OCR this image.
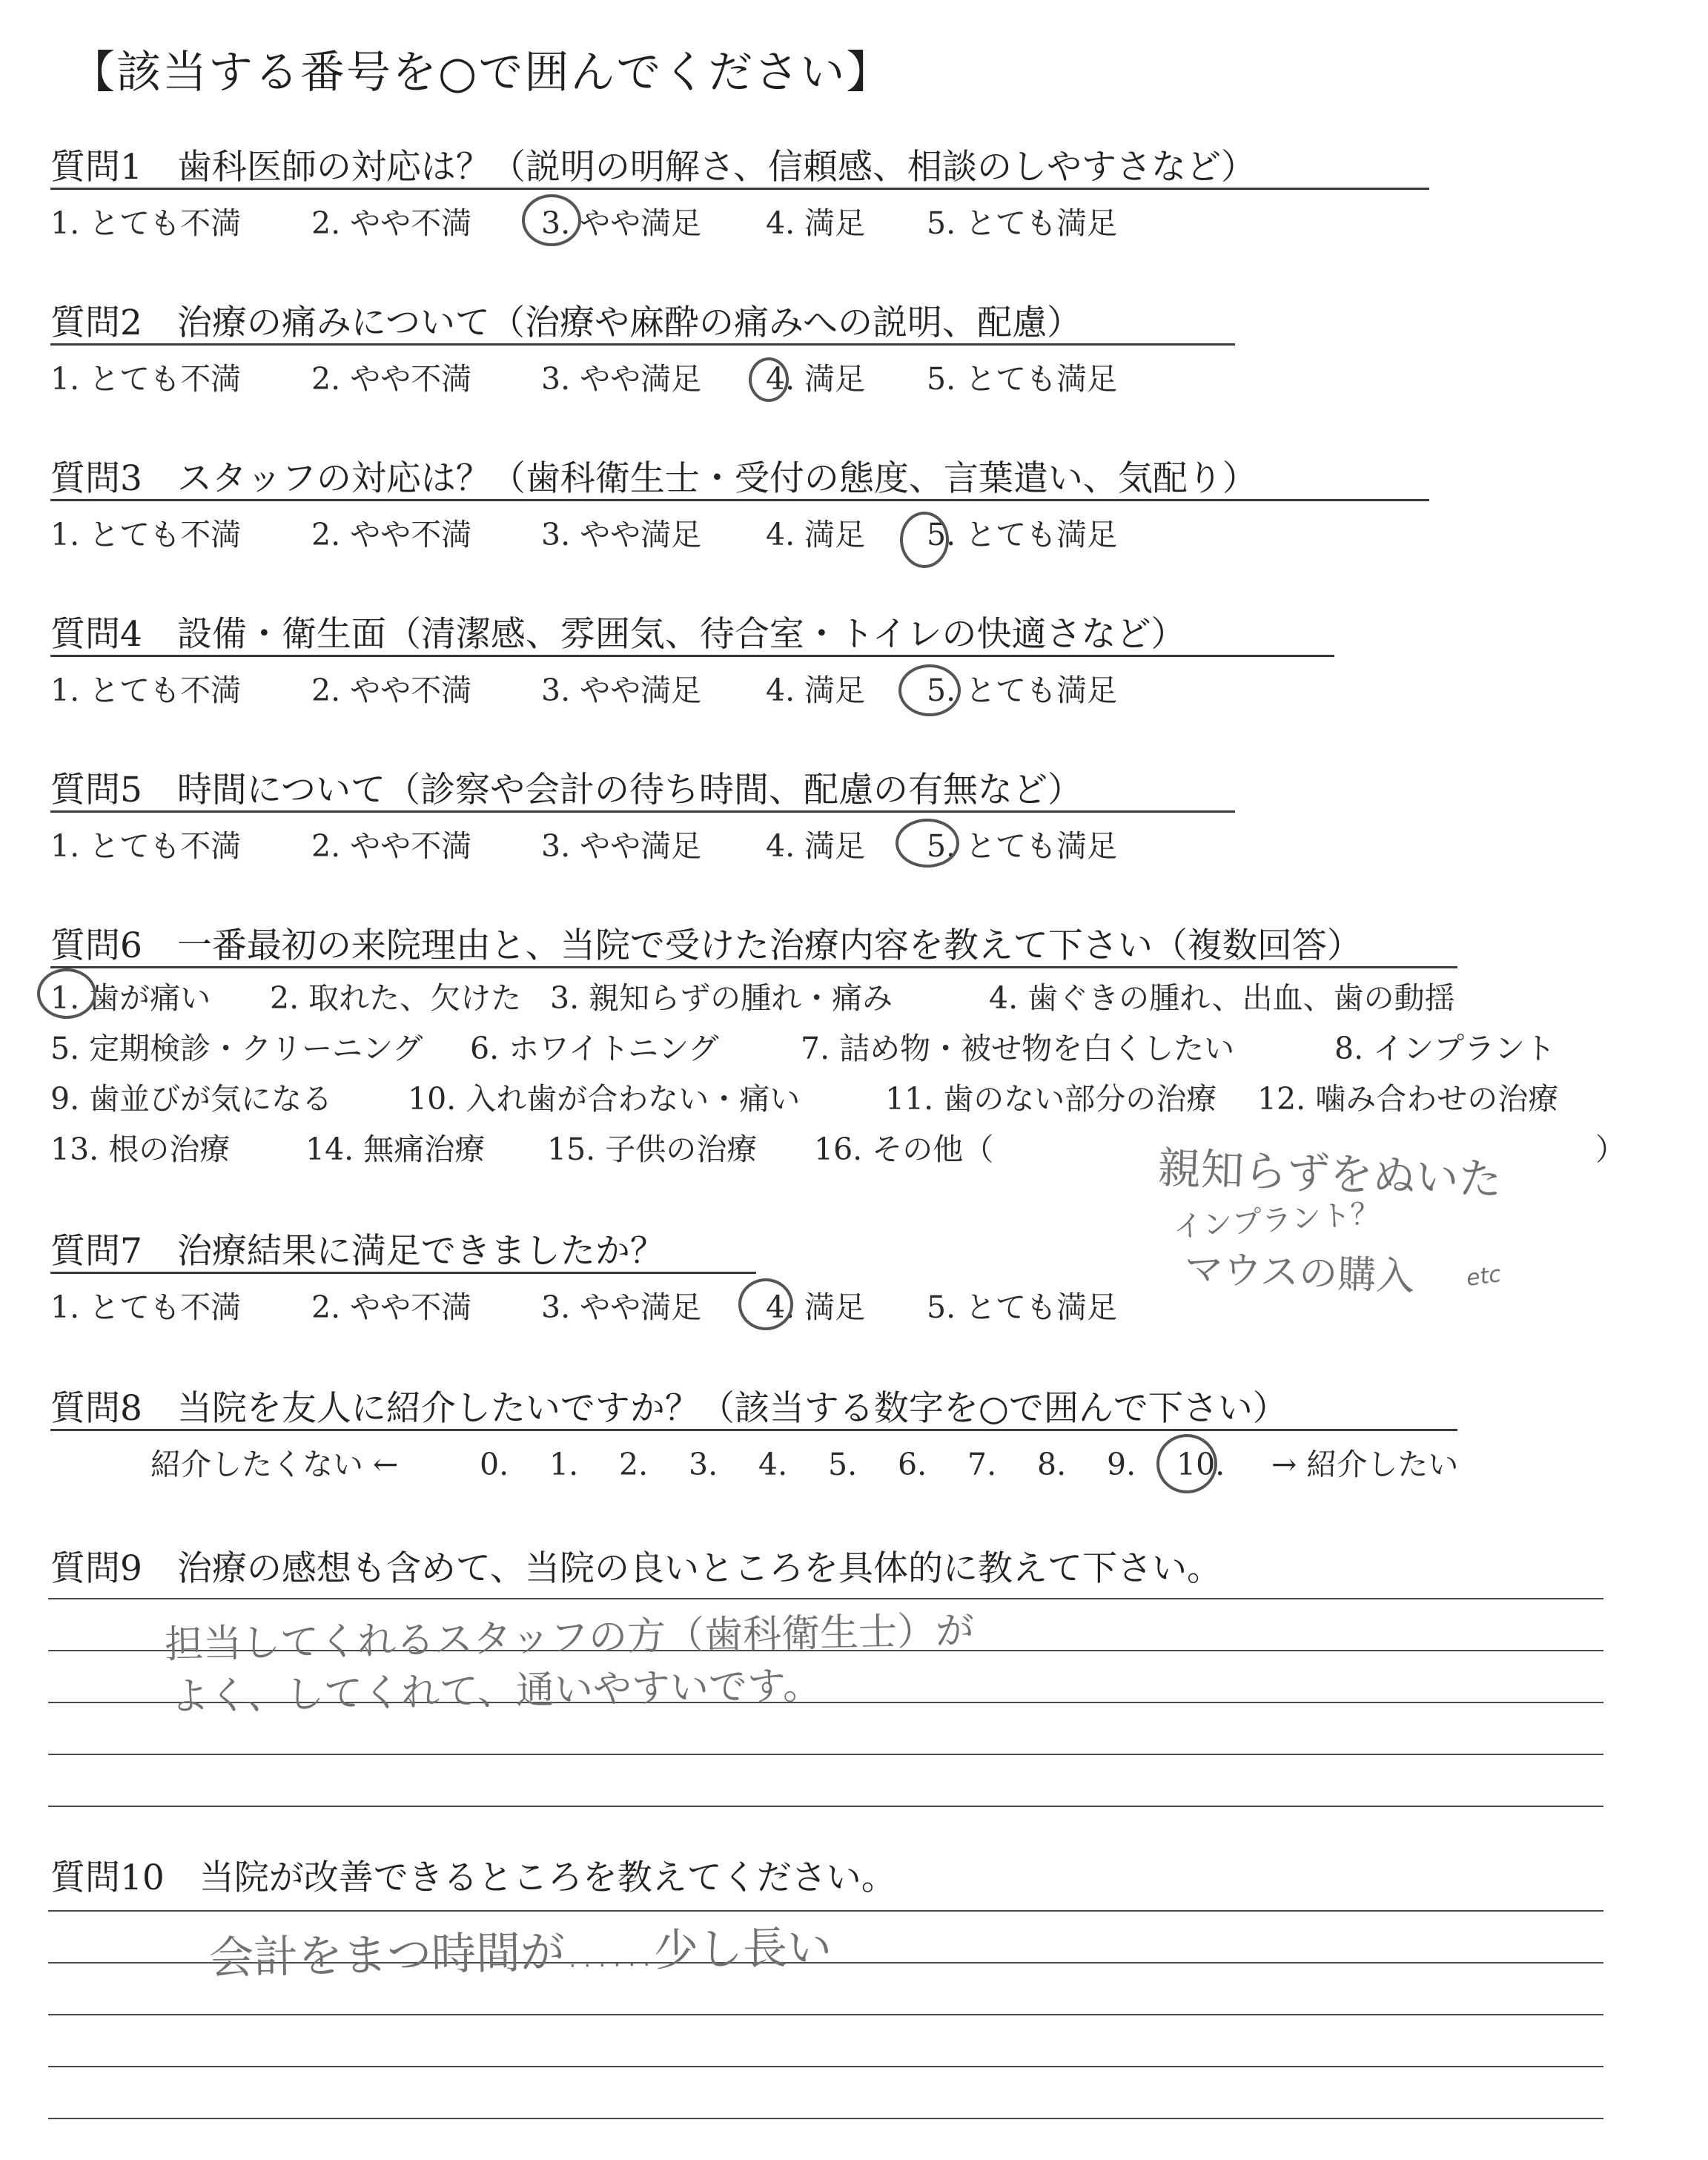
【該当する番号を○で囲んでください】
質問1　歯科医師の対応は？（説明の明解さ、信頼感、相談のしやすさなど）
1. とても不満 2. やや不満 3. やや満足 4. 満足 5. とても満足
質問2　治療の痛みについて（治療や麻酔の痛みへの説明、配慮）
1. とても不満 2. やや不満 3. やや満足 4. 満足 5. とても満足
質問3　スタッフの対応は？（歯科衛生士・受付の態度、言葉遣い、気配り）
1. とても不満 2. やや不満 3. やや満足 4. 満足 5. とても満足
質問4　設備・衛生面（清潔感、雰囲気、待合室・トイレの快適さなど）
1. とても不満 2. やや不満 3. やや満足 4. 満足 5. とても満足
質問5　時間について（診察や会計の待ち時間、配慮の有無など）
1. とても不満 2. やや不満 3. やや満足 4. 満足 5. とても満足
質問6　一番最初の来院理由と、当院で受けた治療内容を教えて下さい（複数回答）
1. 歯が痛い 2. 取れた、欠けた 3. 親知らずの腫れ・痛み	4. 歯ぐきの腫れ、出血、歯の動揺
5. 定期検診・クリーニング 6. ホワイトニング	7. 詰め物・被せ物を白くしたい	8. インプラント
9. 歯並びが気になる 10. 入れ歯が合わない・痛い	11. 歯のない部分の治療 12. 噛み合わせの治療
13. 根の治療 14. 無痛治療 15. 子供の治療 16. その他（	）
親知らずをぬいた
インプラント？
マウスの購入 etc
質問7　治療結果に満足できましたか？
1. とても不満 2. やや不満 3. やや満足 4. 満足 5. とても満足
質問8　当院を友人に紹介したいですか？（該当する数字を○で囲んで下さい）
紹介したくない ←	0. 1. 2. 3. 4. 5. 6. 7. 8. 9. 10. → 紹介したい
質問9　治療の感想も含めて、当院の良いところを具体的に教えて下さい。
担当してくれるスタッフの方（歯科衛生士）が
よく、してくれて、通いやすいです。
質問10　当院が改善できるところを教えてください。
会計をまつ時間が……少し長い
